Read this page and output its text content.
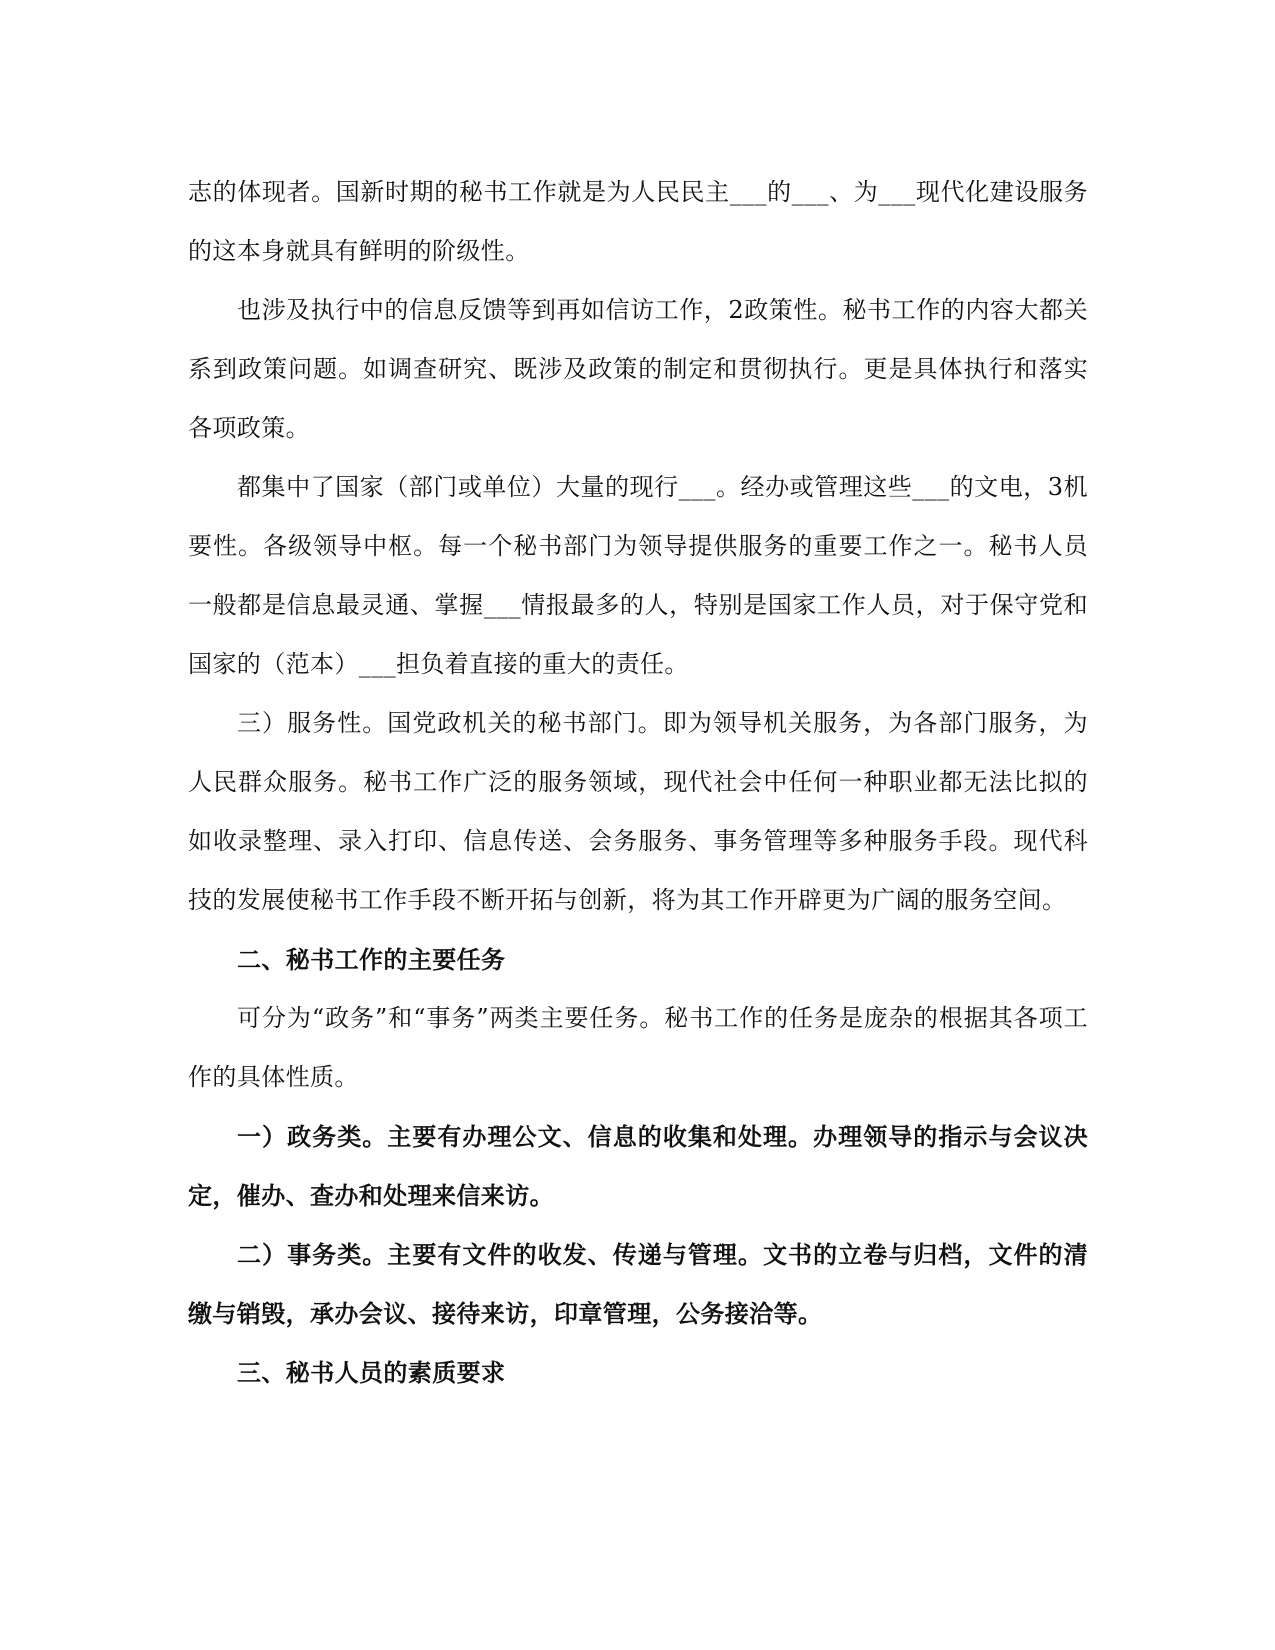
志的体现者。国新时期的秘书工作就是为人民民主___的___、为___现代化建设服务的这本身就具有鲜明的阶级性。

也涉及执行中的信息反馈等到再如信访工作，2政策性。秘书工作的内容大都关系到政策问题。如调查研究、既涉及政策的制定和贯彻执行。更是具体执行和落实各项政策。

都集中了国家（部门或单位）大量的现行___。经办或管理这些___的文电，3机要性。各级领导中枢。每一个秘书部门为领导提供服务的重要工作之一。秘书人员一般都是信息最灵通、掌握___情报最多的人，特别是国家工作人员，对于保守党和国家的（范本）___担负着直接的重大的责任。

三）服务性。国党政机关的秘书部门。即为领导机关服务，为各部门服务，为人民群众服务。秘书工作广泛的服务领域，现代社会中任何一种职业都无法比拟的如收录整理、录入打印、信息传送、会务服务、事务管理等多种服务手段。现代科技的发展使秘书工作手段不断开拓与创新，将为其工作开辟更为广阔的服务空间。

二、秘书工作的主要任务

可分为“政务”和“事务”两类主要任务。秘书工作的任务是庞杂的根据其各项工作的具体性质。

一）政务类。主要有办理公文、信息的收集和处理。办理领导的指示与会议决定，催办、查办和处理来信来访。

二）事务类。主要有文件的收发、传递与管理。文书的立卷与归档，文件的清缴与销毁，承办会议、接待来访，印章管理，公务接洽等。

三、秘书人员的素质要求
